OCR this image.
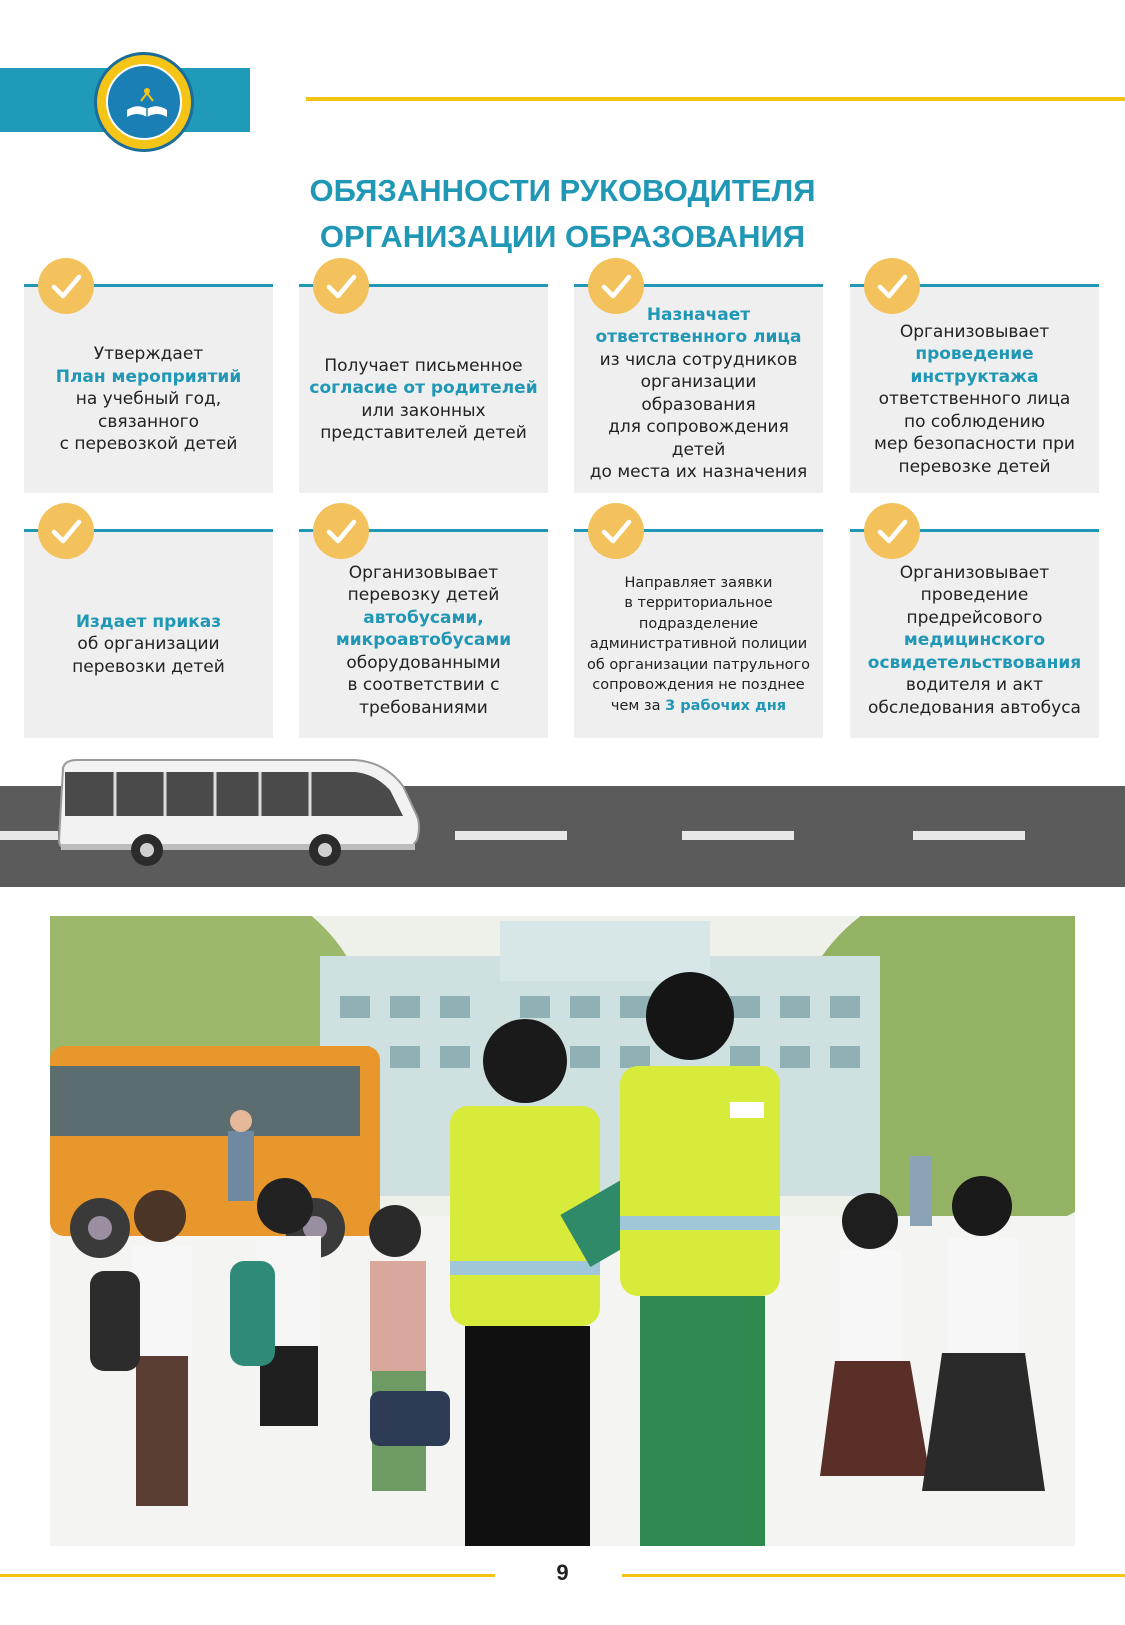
ОБЯЗАННОСТИ РУКОВОДИТЕЛЯ
ОРГАНИЗАЦИИ ОБРАЗОВАНИЯ
Утверждает
План мероприятий
на учебный год,
связанного
с перевозкой детей
Получает письменное
согласие от родителей
или законных
представителей детей
Назначает
ответственного лица
из числа сотрудников
организации
образования
для сопровождения
детей
до места их назначения
Организовывает
проведение инструктажа
ответственного лица
по соблюдению
мер безопасности при
перевозке детей
Издает приказ
об организации
перевозки детей
Организовывает
перевозку детей
автобусами,
микроавтобусами
оборудованными
в соответствии с
требованиями
Направляет заявки
в территориальное
подразделение
административной полиции
об организации патрульного
сопровождения не позднее
чем за 3 рабочих дня
Организовывает
проведение
предрейсового
медицинского
освидетельствования
водителя и акт
обследования автобуса
9
